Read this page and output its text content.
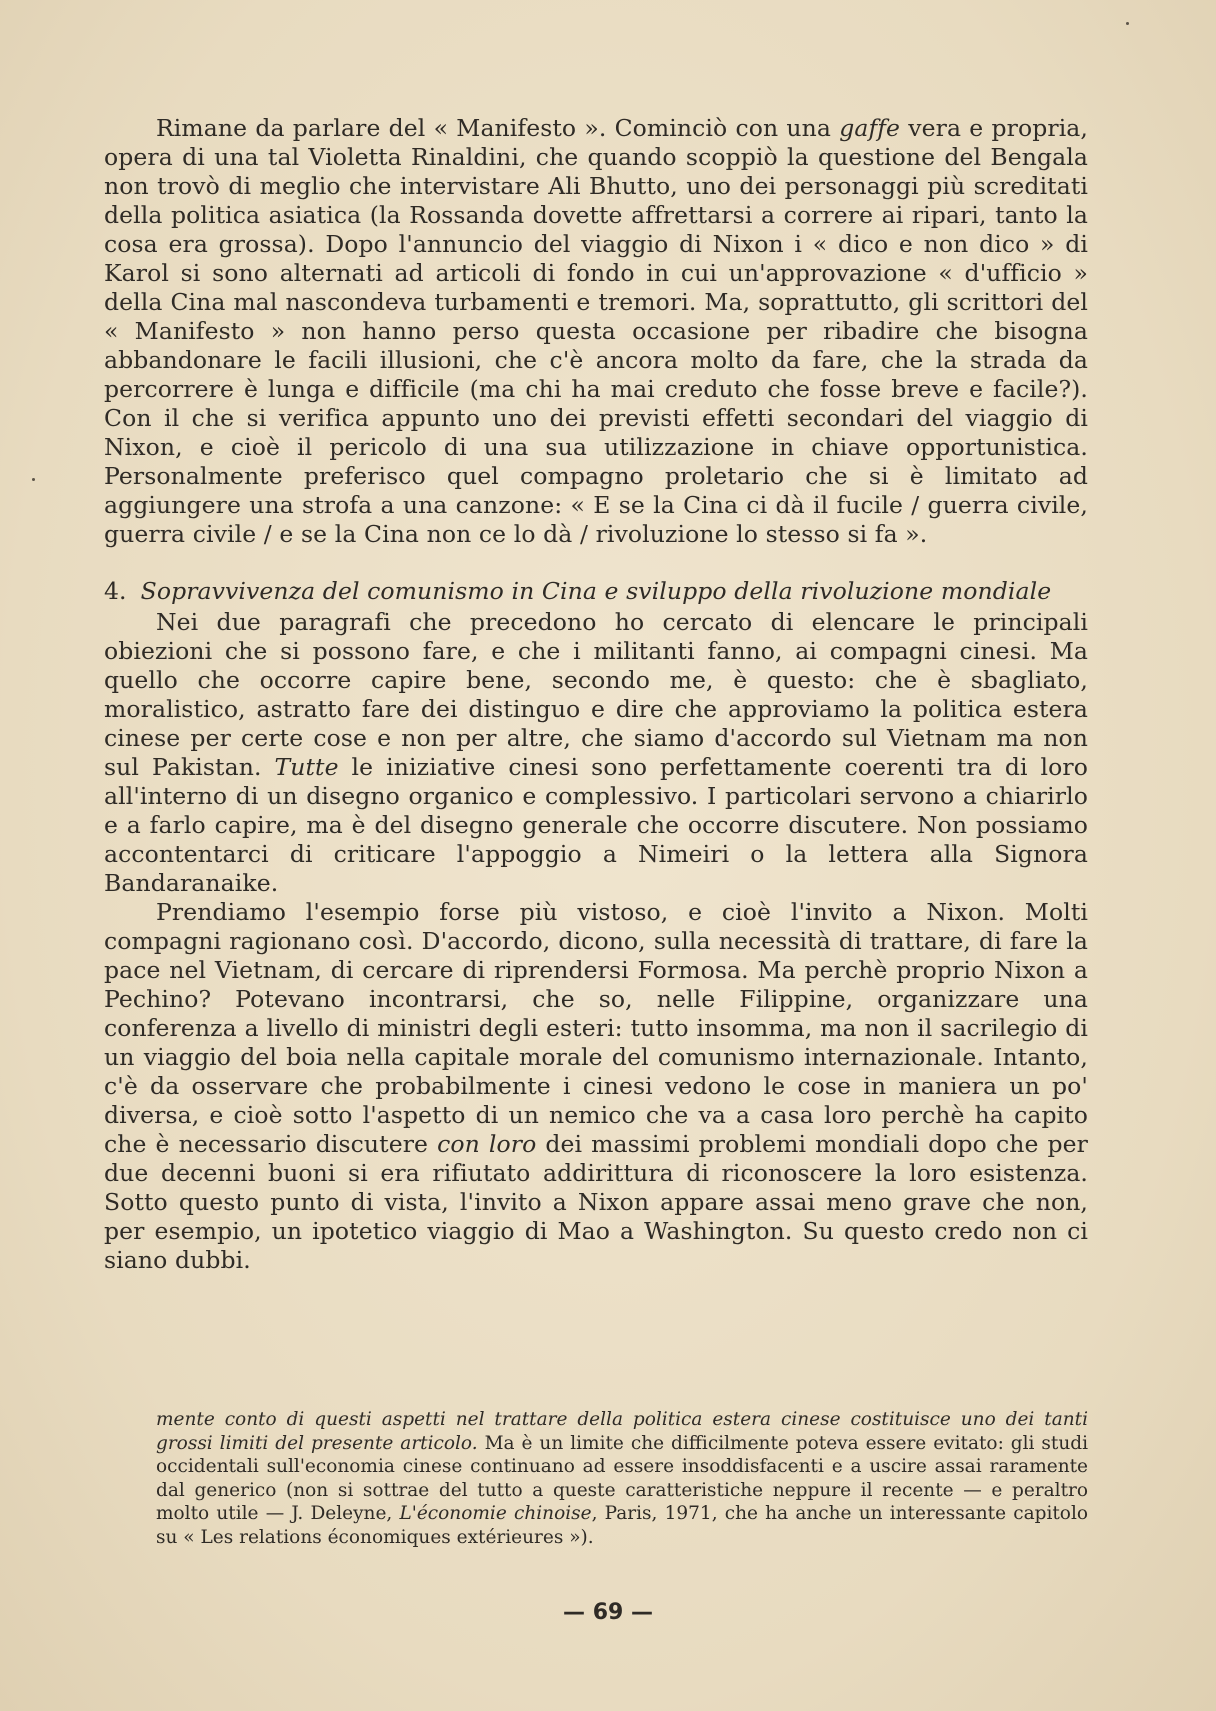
Rimane da parlare del « Manifesto ». Cominciò con una gaffe vera e propria, opera di una tal Violetta Rinaldini, che quando scoppiò la questione del Bengala non trovò di meglio che intervistare Ali Bhutto, uno dei personaggi più screditati della politica asiatica (la Rossanda dovette affrettarsi a correre ai ripari, tanto la cosa era grossa). Dopo l'annuncio del viaggio di Nixon i « dico e non dico » di Karol si sono alternati ad articoli di fondo in cui un'approvazione « d'ufficio » della Cina mal nascondeva turbamenti e tremori. Ma, soprattutto, gli scrittori del « Manifesto » non hanno perso questa occasione per ribadire che bisogna abbandonare le facili illusioni, che c'è ancora molto da fare, che la strada da percorrere è lunga e difficile (ma chi ha mai creduto che fosse breve e facile?). Con il che si verifica appunto uno dei previsti effetti secondari del viaggio di Nixon, e cioè il pericolo di una sua utilizzazione in chiave opportunistica. Personalmente preferisco quel compagno proletario che si è limitato ad aggiungere una strofa a una canzone: « E se la Cina ci dà il fucile / guerra civile, guerra civile / e se la Cina non ce lo dà / rivoluzione lo stesso si fa ».

4. Sopravvivenza del comunismo in Cina e sviluppo della rivoluzione mondiale

Nei due paragrafi che precedono ho cercato di elencare le principali obiezioni che si possono fare, e che i militanti fanno, ai compagni cinesi. Ma quello che occorre capire bene, secondo me, è questo: che è sbagliato, moralistico, astratto fare dei distinguo e dire che approviamo la politica estera cinese per certe cose e non per altre, che siamo d'accordo sul Vietnam ma non sul Pakistan. Tutte le iniziative cinesi sono perfettamente coerenti tra di loro all'interno di un disegno organico e complessivo. I particolari servono a chiarirlo e a farlo capire, ma è del disegno generale che occorre discutere. Non possiamo accontentarci di criticare l'appoggio a Nimeiri o la lettera alla Signora Bandaranaike.

Prendiamo l'esempio forse più vistoso, e cioè l'invito a Nixon. Molti compagni ragionano così. D'accordo, dicono, sulla necessità di trattare, di fare la pace nel Vietnam, di cercare di riprendersi Formosa. Ma perchè proprio Nixon a Pechino? Potevano incontrarsi, che so, nelle Filippine, organizzare una conferenza a livello di ministri degli esteri: tutto insomma, ma non il sacrilegio di un viaggio del boia nella capitale morale del comunismo internazionale. Intanto, c'è da osservare che probabilmente i cinesi vedono le cose in maniera un po' diversa, e cioè sotto l'aspetto di un nemico che va a casa loro perchè ha capito che è necessario discutere con loro dei massimi problemi mondiali dopo che per due decenni buoni si era rifiutato addirittura di riconoscere la loro esistenza. Sotto questo punto di vista, l'invito a Nixon appare assai meno grave che non, per esempio, un ipotetico viaggio di Mao a Washington. Su questo credo non ci siano dubbi.

mente conto di questi aspetti nel trattare della politica estera cinese costituisce uno dei tanti grossi limiti del presente articolo. Ma è un limite che difficilmente poteva essere evitato: gli studi occidentali sull'economia cinese continuano ad essere insoddisfacenti e a uscire assai raramente dal generico (non si sottrae del tutto a queste caratteristiche neppure il recente — e peraltro molto utile — J. Deleyne, L'économie chinoise, Paris, 1971, che ha anche un interessante capitolo su « Les relations économiques extérieures »).

— 69 —
